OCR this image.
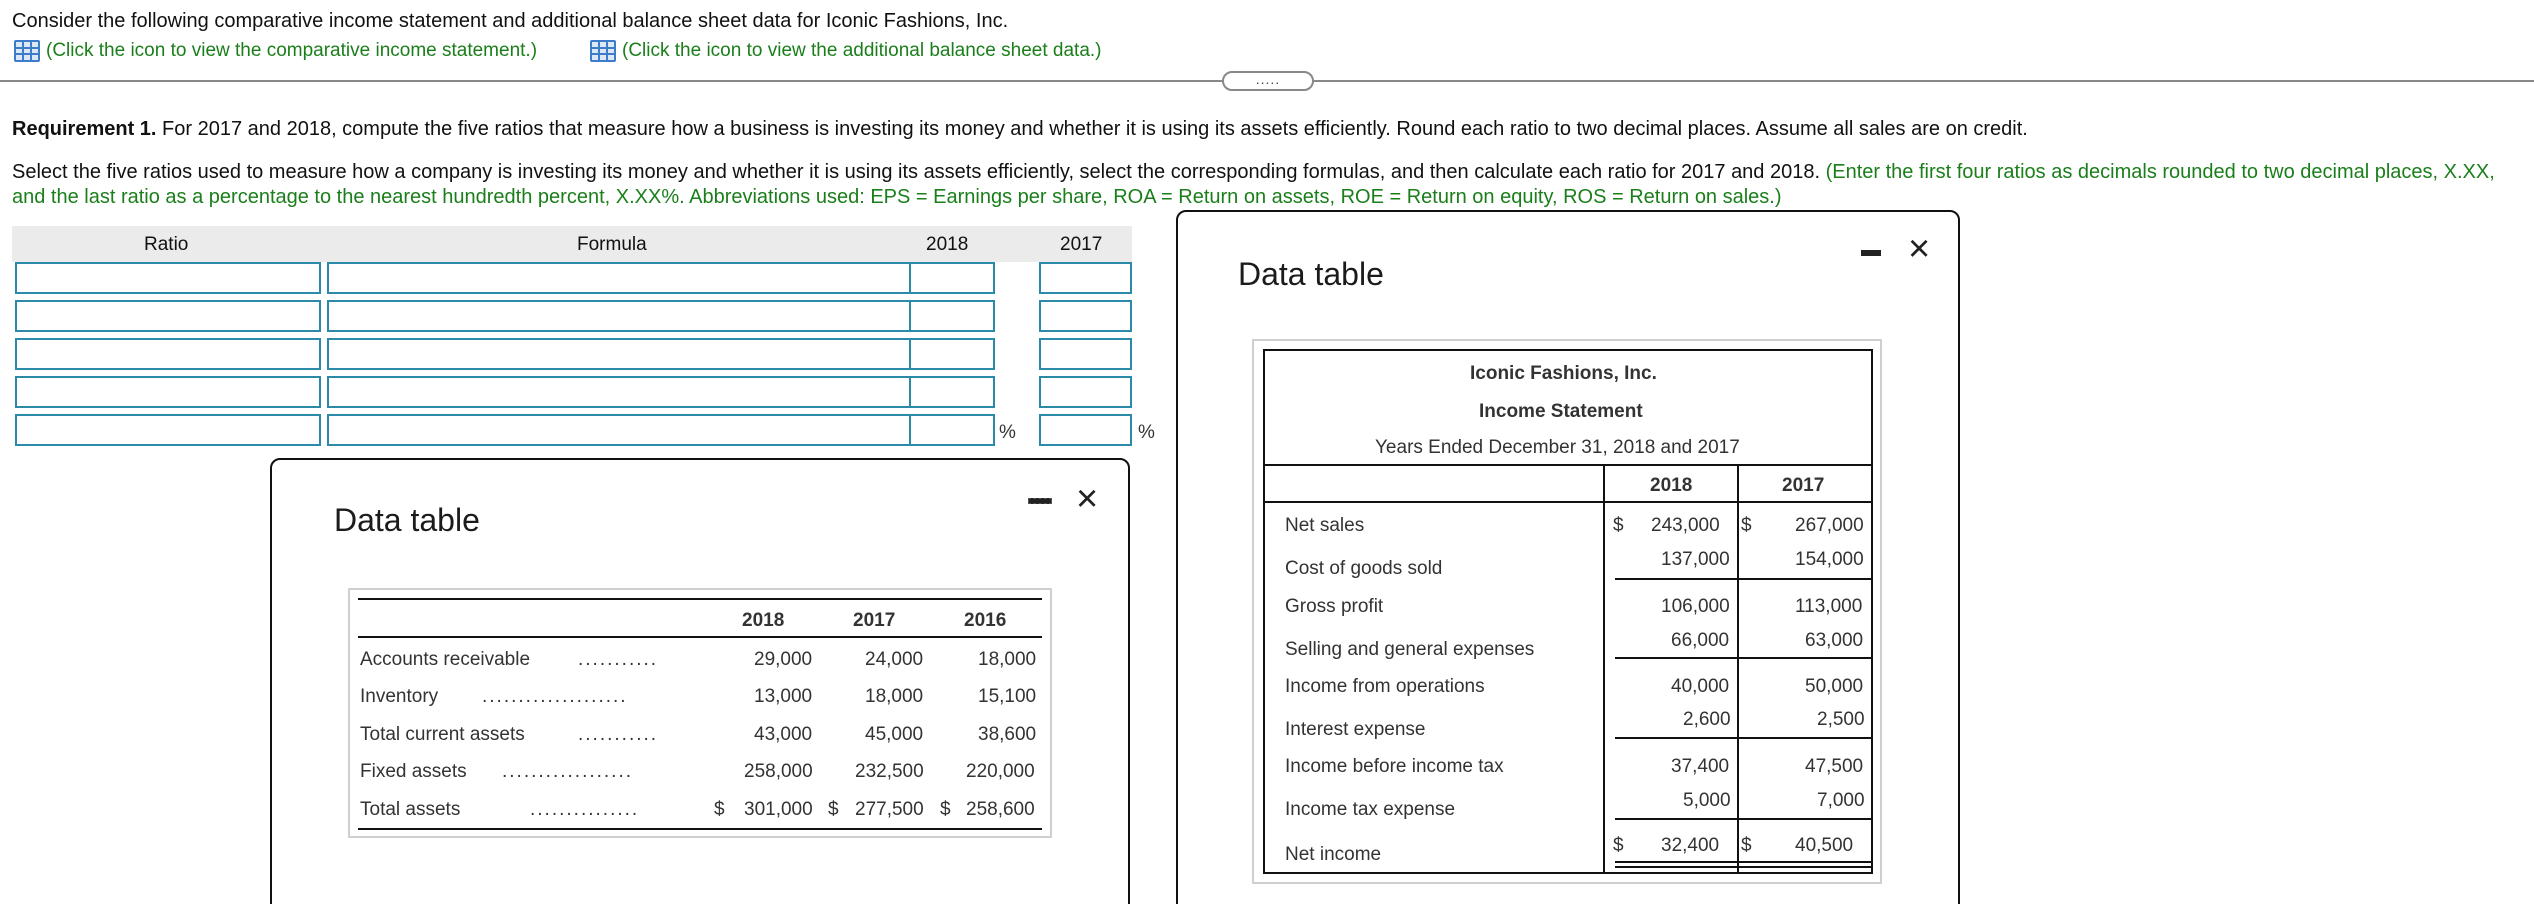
Consider the following comparative income statement and additional balance sheet data for Iconic Fashions, Inc.
(Click the icon to view the comparative income statement.)	(Click the icon to view the additional balance sheet data.)
.....
Requirement 1. For 2017 and 2018, compute the five ratios that measure how a business is investing its money and whether it is using its assets efficiently. Round each ratio to two decimal places. Assume all sales are on credit.
Select the five ratios used to measure how a company is investing its money and whether it is using its assets efficiently, select the corresponding formulas, and then calculate each ratio for 2017 and 2018. (Enter the first four ratios as decimals rounded to two decimal places, X.XX, and the last ratio as a percentage to the nearest hundredth percent, X.XX%. Abbreviations used: EPS = Earnings per share, ROA = Return on assets, ROE = Return on equity, ROS = Return on sales.)
Ratio	Formula	2018	2017
%	%
Data table	×
2018	2017	2016
Accounts receivable	...........	29,000	24,000	18,000
Inventory ....................	13,000	18,000	15,100
Total current assets	...........	43,000	45,000	38,600
Fixed assets ..................	258,000 232,500 220,000
Total assets	...............	$ 301,000 $ 277,500 $ 258,600
Data table
×
Iconic Fashions, Inc.
Income Statement
Years Ended December 31, 2018 and 2017
2018	2017
Net sales	$ 243,000 $ 267,000
Cost of goods sold	137,000	154,000
Gross profit	106,000	113,000
Selling and general expenses	66,000	63,000
Income from operations	40,000	50,000
Interest expense	2,600	2,500
Income before income tax	37,400	47,500
Income tax expense	5,000	7,000
Net income	$ 32,400 $ 40,500
